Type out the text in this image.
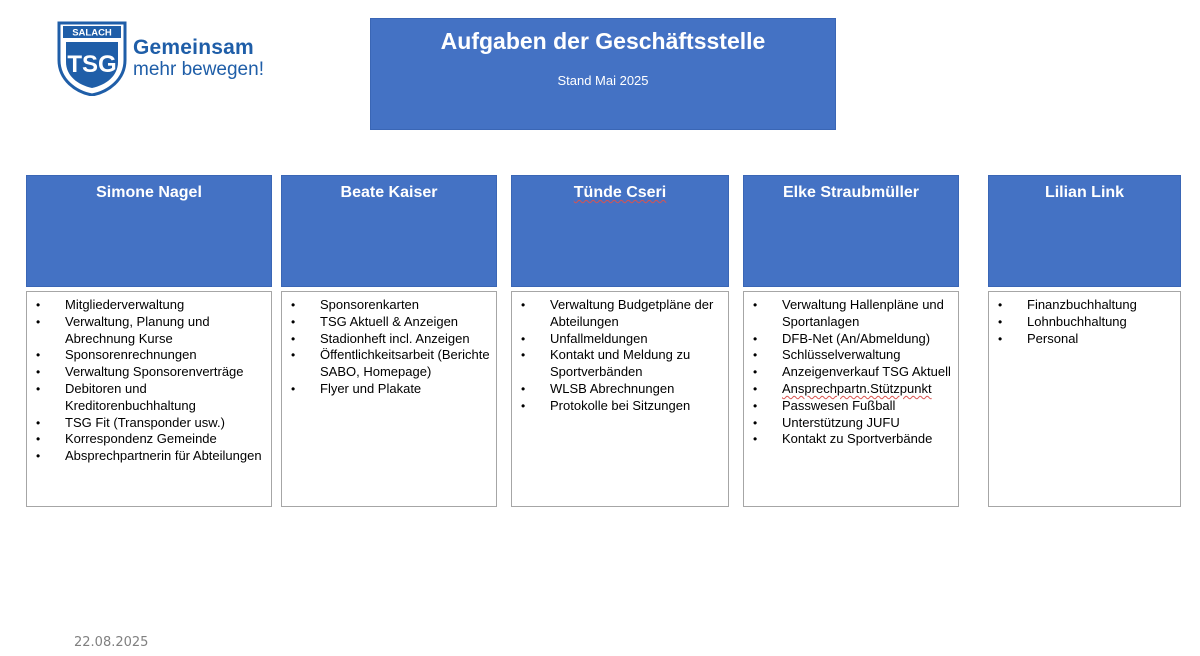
SALACH
TSG
Gemeinsam
mehr bewegen!
Aufgaben der Geschäftsstelle
Stand Mai 2025
Simone Nagel
• Mitgliederverwaltung
• Verwaltung, Planung und Abrechnung Kurse
• Sponsorenrechnungen
• Verwaltung Sponsorenverträge
• Debitoren und Kreditorenbuchhaltung
• TSG Fit (Transponder usw.)
• Korrespondenz Gemeinde
• Absprechpartnerin für Abteilungen
Beate Kaiser
• Sponsorenkarten
• TSG Aktuell & Anzeigen
• Stadionheft incl. Anzeigen
• Öffentlichkeitsarbeit (Berichte SABO, Homepage)
• Flyer und Plakate
Tünde Cseri
• Verwaltung Budgetpläne der Abteilungen
• Unfallmeldungen
• Kontakt und Meldung zu Sportverbänden
• WLSB Abrechnungen
• Protokolle bei Sitzungen
Elke Straubmüller
• Verwaltung Hallenpläne und Sportanlagen
• DFB-Net (An/Abmeldung)
• Schlüsselverwaltung
• Anzeigenverkauf TSG Aktuell
• Ansprechpartn.Stützpunkt
• Passwesen Fußball
• Unterstützung JUFU
• Kontakt zu Sportverbände
Lilian Link
• Finanzbuchhaltung
• Lohnbuchhaltung
• Personal
22.08.2025
